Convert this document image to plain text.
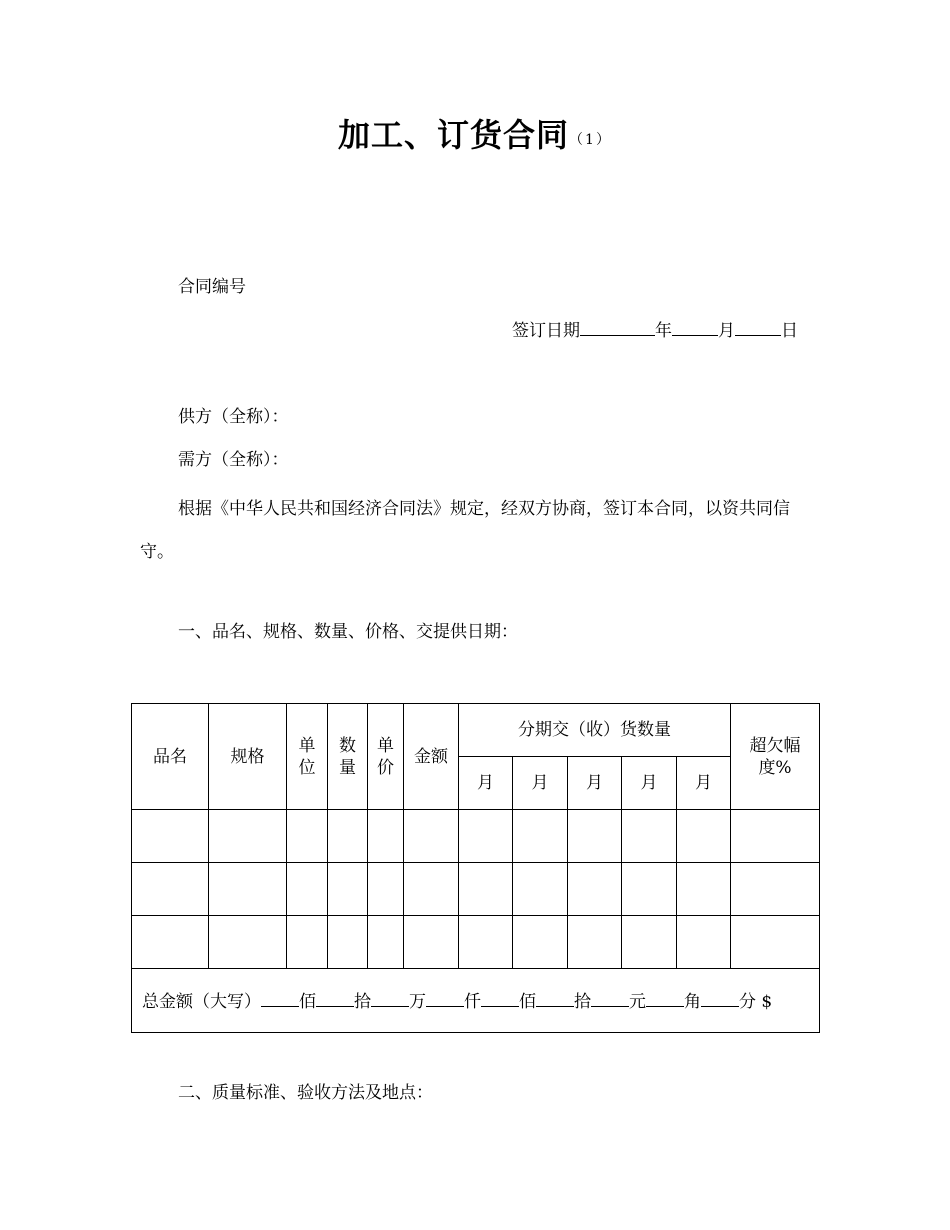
加工、订货合同（1）
合同编号
签订日期	年	月	日
供方（全称）：
需方（全称）：
根据《中华人民共和国经济合同法》规定，经双方协商，签订本合同，以资共同信守。
一、品名、规格、数量、价格、交提供日期：
品名	规格	单位	数量	单价	金额	分期交（收）货数量					超欠幅度%

						月	月	月	月	月	

总金额（大写） 佰 拾 万 仟 佰 拾 元 角 分 $											
二、质量标准、验收方法及地点：
